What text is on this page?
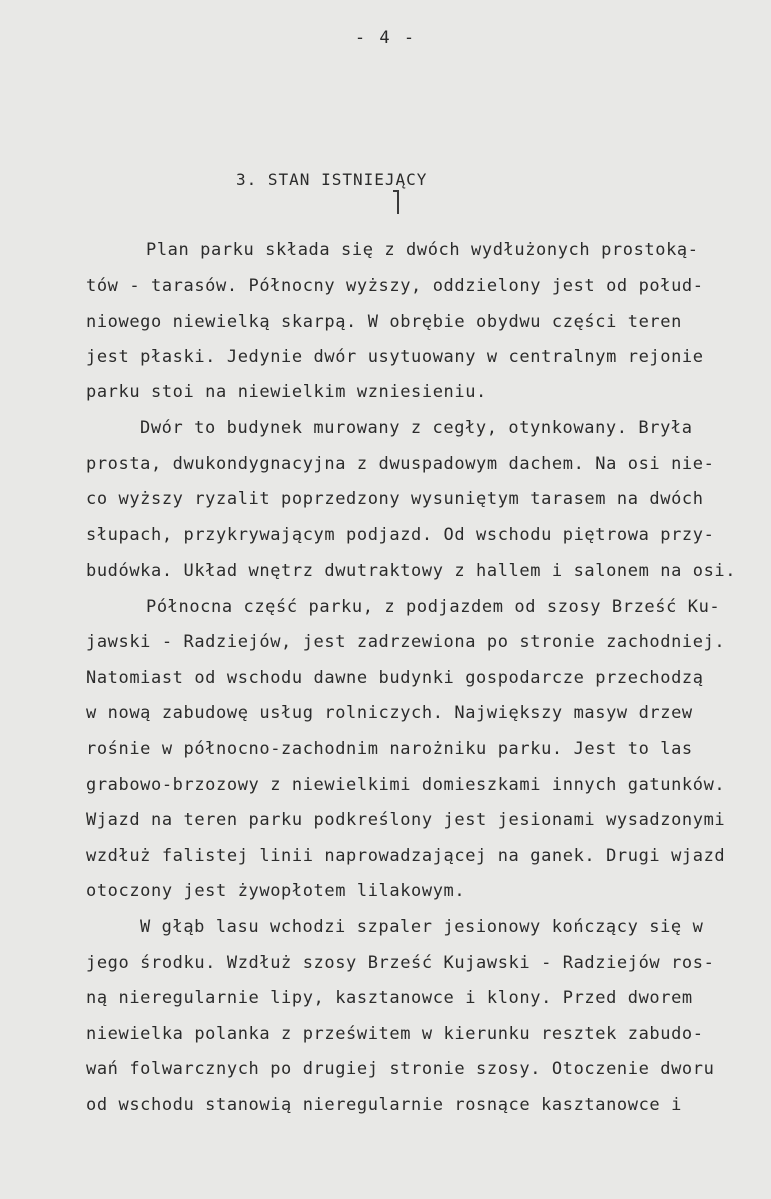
- 4 -
3. STAN ISTNIEJĄCY
Plan parku składa się z dwóch wydłużonych prostoką-
tów - tarasów. Północny wyższy, oddzielony jest od połud-
niowego niewielką skarpą. W obrębie obydwu części teren
jest płaski. Jedynie dwór usytuowany w centralnym rejonie
parku stoi na niewielkim wzniesieniu.
Dwór to budynek murowany z cegły, otynkowany. Bryła
prosta, dwukondygnacyjna z dwuspadowym dachem. Na osi nie-
co wyższy ryzalit poprzedzony wysuniętym tarasem na dwóch
słupach, przykrywającym podjazd. Od wschodu piętrowa przy-
budówka. Układ wnętrz dwutraktowy z hallem i salonem na osi.
Północna część parku, z podjazdem od szosy Brześć Ku-
jawski - Radziejów, jest zadrzewiona po stronie zachodniej.
Natomiast od wschodu dawne budynki gospodarcze przechodzą
w nową zabudowę usług rolniczych. Największy masyw drzew
rośnie w północno-zachodnim narożniku parku. Jest to las
grabowo-brzozowy z niewielkimi domieszkami innych gatunków.
Wjazd na teren parku podkreślony jest jesionami wysadzonymi
wzdłuż falistej linii naprowadzającej na ganek. Drugi wjazd
otoczony jest żywopłotem lilakowym.
W głąb lasu wchodzi szpaler jesionowy kończący się w
jego środku. Wzdłuż szosy Brześć Kujawski - Radziejów ros-
ną nieregularnie lipy, kasztanowce i klony. Przed dworem
niewielka polanka z prześwitem w kierunku resztek zabudo-
wań folwarcznych po drugiej stronie szosy. Otoczenie dworu
od wschodu stanowią nieregularnie rosnące kasztanowce i
